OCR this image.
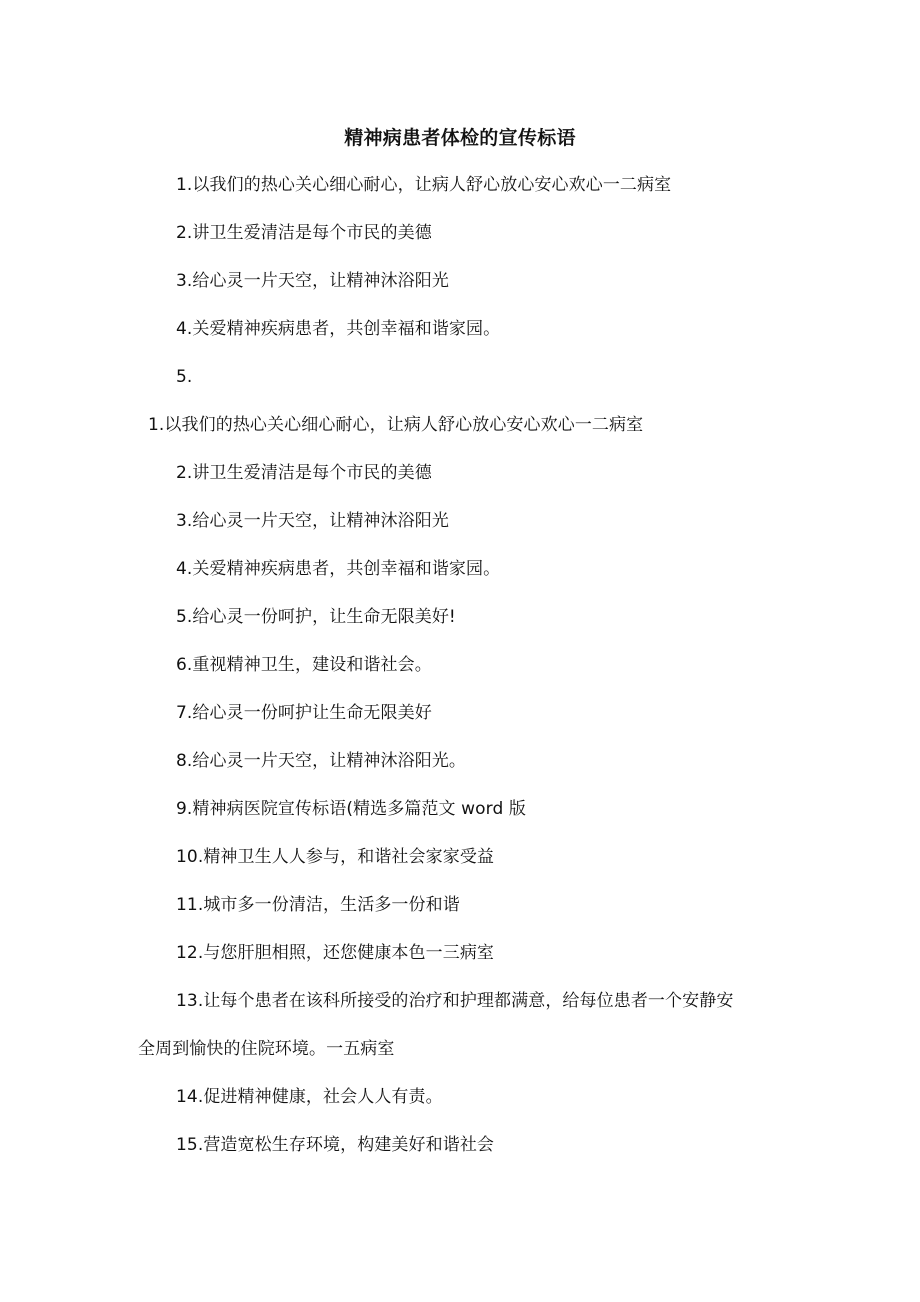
精神病患者体检的宣传标语
1.以我们的热心关心细心耐心，让病人舒心放心安心欢心一二病室
2.讲卫生爱清洁是每个市民的美德
3.给心灵一片天空，让精神沐浴阳光
4.关爱精神疾病患者，共创幸福和谐家园。
5.
1.以我们的热心关心细心耐心，让病人舒心放心安心欢心一二病室
2.讲卫生爱清洁是每个市民的美德
3.给心灵一片天空，让精神沐浴阳光
4.关爱精神疾病患者，共创幸福和谐家园。
5.给心灵一份呵护，让生命无限美好!
6.重视精神卫生，建设和谐社会。
7.给心灵一份呵护让生命无限美好
8.给心灵一片天空，让精神沐浴阳光。
9.精神病医院宣传标语(精选多篇范文 word 版
10.精神卫生人人参与，和谐社会家家受益
11.城市多一份清洁，生活多一份和谐
12.与您肝胆相照，还您健康本色一三病室
13.让每个患者在该科所接受的治疗和护理都满意，给每位患者一个安静安
全周到愉快的住院环境。一五病室
14.促进精神健康，社会人人有责。
15.营造宽松生存环境，构建美好和谐社会
